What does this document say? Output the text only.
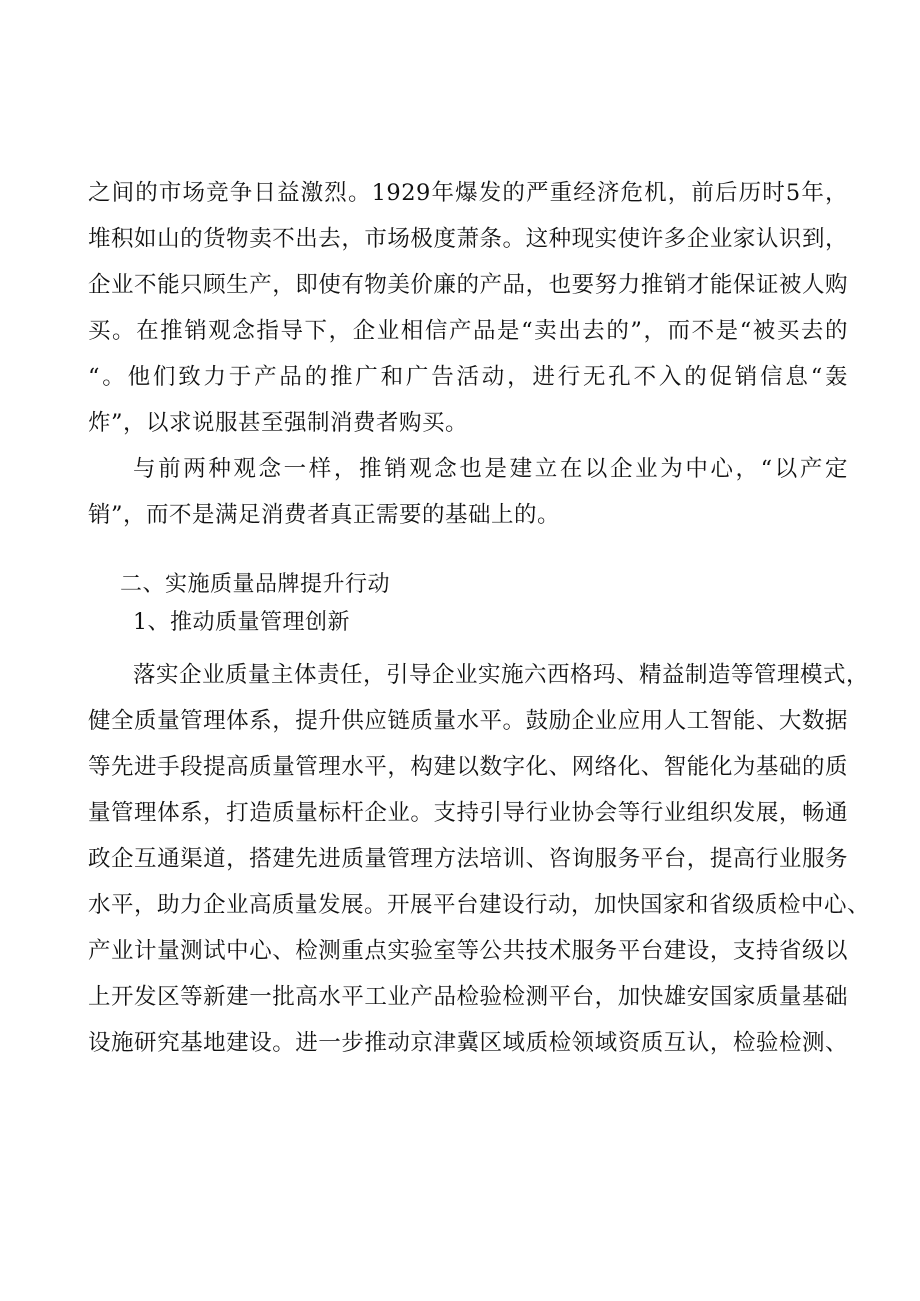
之间的市场竞争日益激烈。1929年爆发的严重经济危机，前后历时5年，
堆积如山的货物卖不出去，市场极度萧条。这种现实使许多企业家认识到，
企业不能只顾生产，即使有物美价廉的产品，也要努力推销才能保证被人购
买。在推销观念指导下，企业相信产品是“卖出去的”，而不是“被买去的
“。他们致力于产品的推广和广告活动，进行无孔不入的促销信息“轰
炸”，以求说服甚至强制消费者购买。
与前两种观念一样，推销观念也是建立在以企业为中心，“以产定
销”，而不是满足消费者真正需要的基础上的。
二、实施质量品牌提升行动
1、推动质量管理创新
落实企业质量主体责任，引导企业实施六西格玛、精益制造等管理模式，
健全质量管理体系，提升供应链质量水平。鼓励企业应用人工智能、大数据
等先进手段提高质量管理水平，构建以数字化、网络化、智能化为基础的质
量管理体系，打造质量标杆企业。支持引导行业协会等行业组织发展，畅通
政企互通渠道，搭建先进质量管理方法培训、咨询服务平台，提高行业服务
水平，助力企业高质量发展。开展平台建设行动，加快国家和省级质检中心、
产业计量测试中心、检测重点实验室等公共技术服务平台建设，支持省级以
上开发区等新建一批高水平工业产品检验检测平台，加快雄安国家质量基础
设施研究基地建设。进一步推动京津冀区域质检领域资质互认，检验检测、
